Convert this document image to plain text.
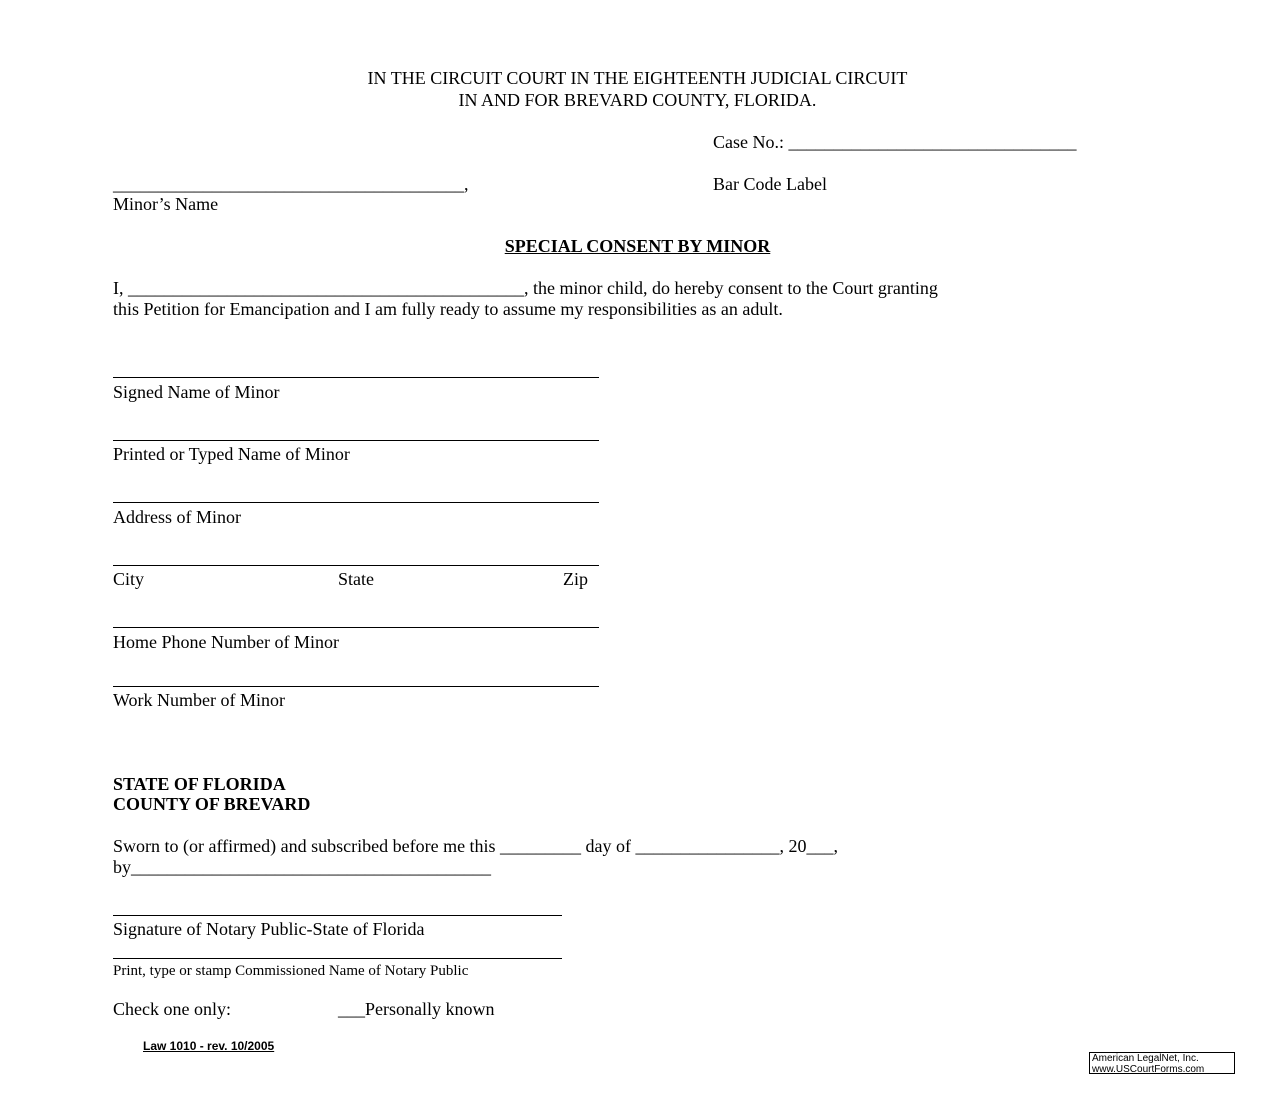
IN THE CIRCUIT COURT IN THE EIGHTEENTH JUDICIAL CIRCUIT
IN AND FOR BREVARD COUNTY, FLORIDA.
Case No.: ________________________________
_______________________________________,	Bar Code Label
Minor’s Name
SPECIAL CONSENT BY MINOR
I, ____________________________________________, the minor child, do hereby consent to the Court granting
this Petition for Emancipation and I am fully ready to assume my responsibilities as an adult.
Signed Name of Minor
Printed or Typed Name of Minor
Address of Minor
City	State	Zip
Home Phone Number of Minor
Work Number of Minor
STATE OF FLORIDA
COUNTY OF BREVARD
Sworn to (or affirmed) and subscribed before me this _________ day of ________________, 20___,
by________________________________________
Signature of Notary Public-State of Florida
Print, type or stamp Commissioned Name of Notary Public
Check one only:	___Personally known
Law 1010 - rev. 10/2005
American LegalNet, Inc.
www.USCourtForms.com
